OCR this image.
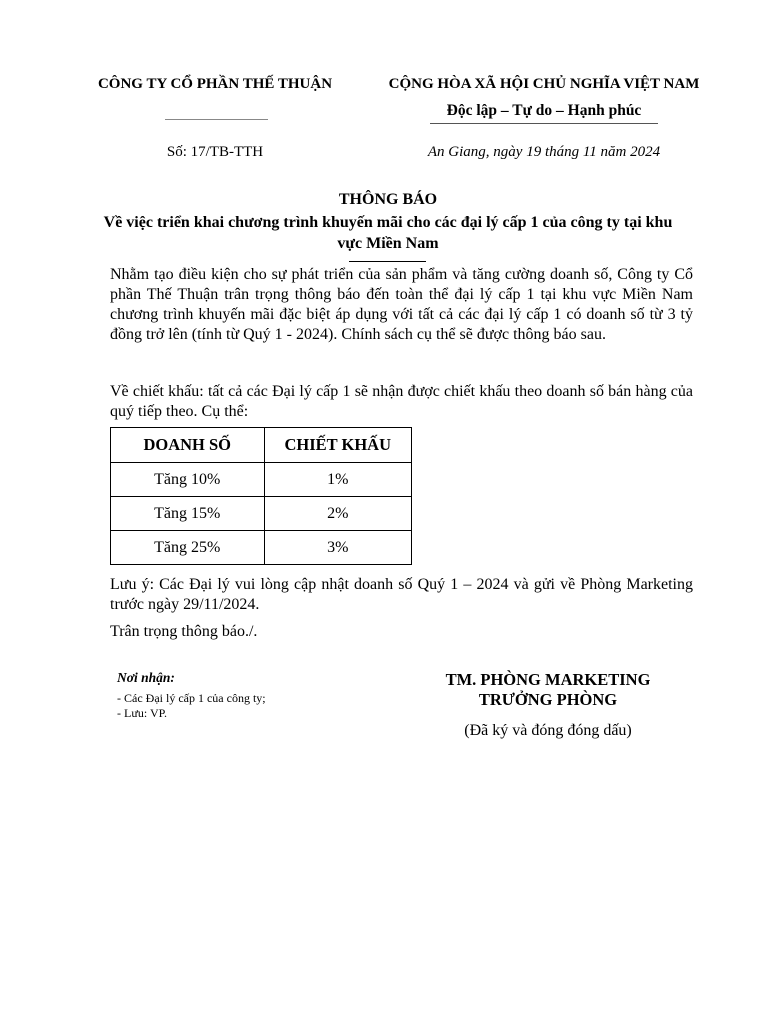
CÔNG TY CỔ PHẦN THẾ THUẬN
Số: 17/TB-TTH
CỘNG HÒA XÃ HỘI CHỦ NGHĨA VIỆT NAM
Độc lập – Tự do – Hạnh phúc
An Giang, ngày 19 tháng 11 năm 2024
THÔNG BÁO
Về việc triển khai chương trình khuyến mãi cho các đại lý cấp 1 của công ty tại khu vực Miền Nam

Nhằm tạo điều kiện cho sự phát triển của sản phẩm và tăng cường doanh số, Công ty Cổ phần Thế Thuận trân trọng thông báo đến toàn thể đại lý cấp 1 tại khu vực Miền Nam chương trình khuyến mãi đặc biệt áp dụng với tất cả các đại lý cấp 1 có doanh số từ 3 tỷ đồng trở lên (tính từ Quý 1 - 2024). Chính sách cụ thể sẽ được thông báo sau.

Về chiết khấu: tất cả các Đại lý cấp 1 sẽ nhận được chiết khấu theo doanh số bán hàng của quý tiếp theo. Cụ thể:

DOANH SỐ	CHIẾT KHẤU
Tăng 10%	1%
Tăng 15%	2%
Tăng 25%	3%

Lưu ý: Các Đại lý vui lòng cập nhật doanh số Quý 1 – 2024 và gửi về Phòng Marketing trước ngày 29/11/2024.

Trân trọng thông báo./.

Nơi nhận:
- Các Đại lý cấp 1 của công ty;
- Lưu: VP.
TM. PHÒNG MARKETING
TRƯỞNG PHÒNG
(Đã ký và đóng đóng dấu)
